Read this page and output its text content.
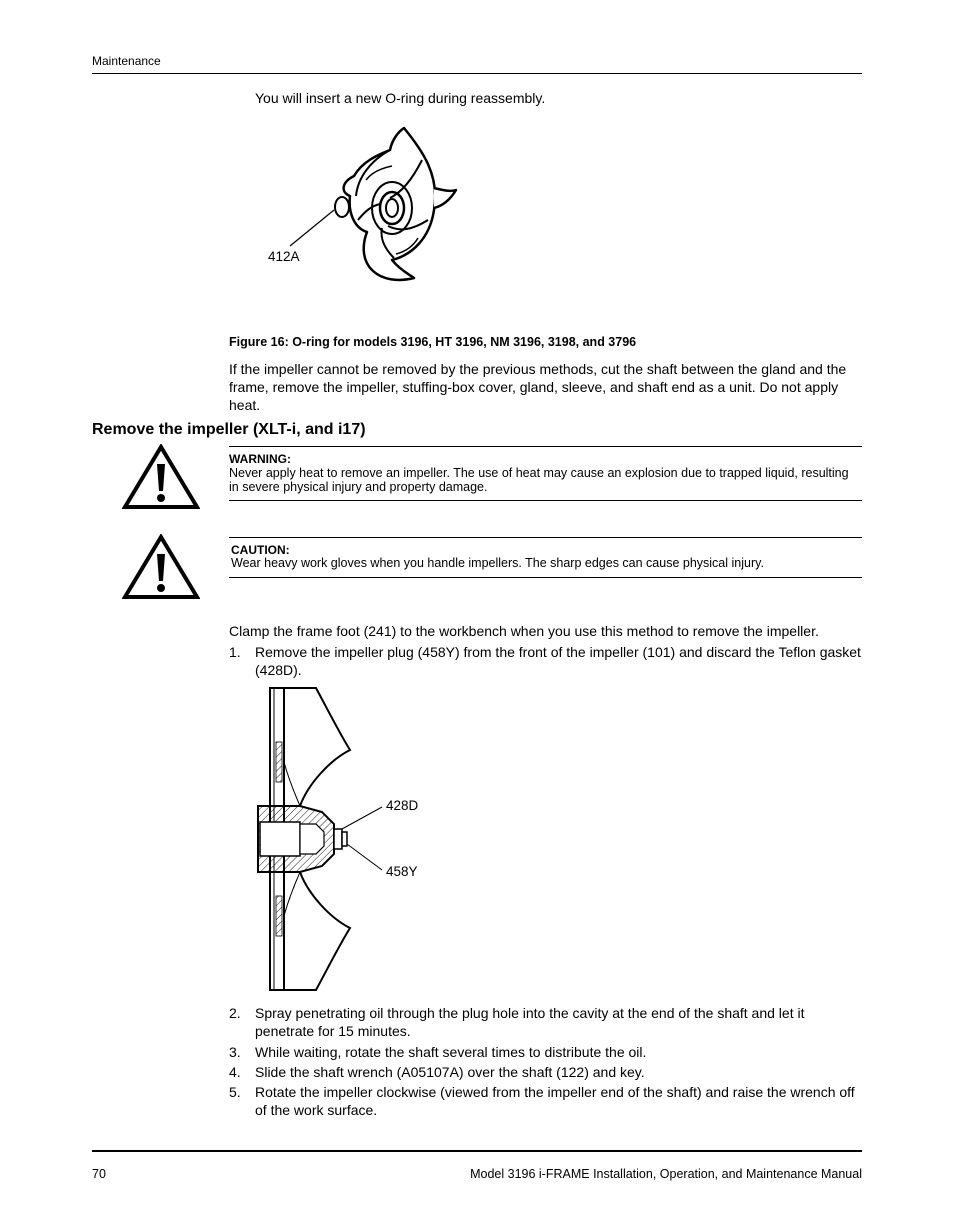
Maintenance
You will insert a new O-ring during reassembly.
412A
Figure 16: O-ring for models 3196, HT 3196, NM 3196, 3198, and 3796
If the impeller cannot be removed by the previous methods, cut the shaft between the gland and the frame, remove the impeller, stuffing-box cover, gland, sleeve, and shaft end as a unit. Do not apply heat.
Remove the impeller (XLT-i, and i17)
WARNING:
Never apply heat to remove an impeller. The use of heat may cause an explosion due to trapped liquid, resulting in severe physical injury and property damage.
CAUTION:
Wear heavy work gloves when you handle impellers. The sharp edges can cause physical injury.
Clamp the frame foot (241) to the workbench when you use this method to remove the impeller.
1. Remove the impeller plug (458Y) from the front of the impeller (101) and discard the Teflon gasket (428D).
428D
458Y
2. Spray penetrating oil through the plug hole into the cavity at the end of the shaft and let it penetrate for 15 minutes.
3. While waiting, rotate the shaft several times to distribute the oil.
4. Slide the shaft wrench (A05107A) over the shaft (122) and key.
5. Rotate the impeller clockwise (viewed from the impeller end of the shaft) and raise the wrench off of the work surface.
70	Model 3196 i-FRAME Installation, Operation, and Maintenance Manual
